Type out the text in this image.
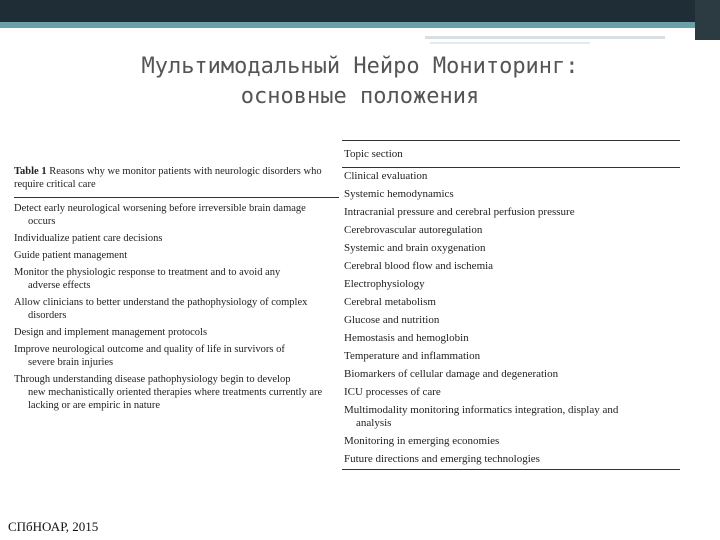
Мультимодальный Нейро Мониторинг:
основные положения
Table 1 Reasons why we monitor patients with neurologic disorders who require critical care
Detect early neurological worsening before irreversible brain damage
occurs
Individualize patient care decisions
Guide patient management
Monitor the physiologic response to treatment and to avoid any
adverse effects
Allow clinicians to better understand the pathophysiology of complex
disorders
Design and implement management protocols
Improve neurological outcome and quality of life in survivors of
severe brain injuries
Through understanding disease pathophysiology begin to develop
new mechanistically oriented therapies where treatments currently are lacking or are empiric in nature
Topic section
Clinical evaluation
Systemic hemodynamics
Intracranial pressure and cerebral perfusion pressure
Cerebrovascular autoregulation
Systemic and brain oxygenation
Cerebral blood flow and ischemia
Electrophysiology
Cerebral metabolism
Glucose and nutrition
Hemostasis and hemoglobin
Temperature and inflammation
Biomarkers of cellular damage and degeneration
ICU processes of care
Multimodality monitoring informatics integration, display and
analysis
Monitoring in emerging economies
Future directions and emerging technologies
СПбНОАР, 2015
